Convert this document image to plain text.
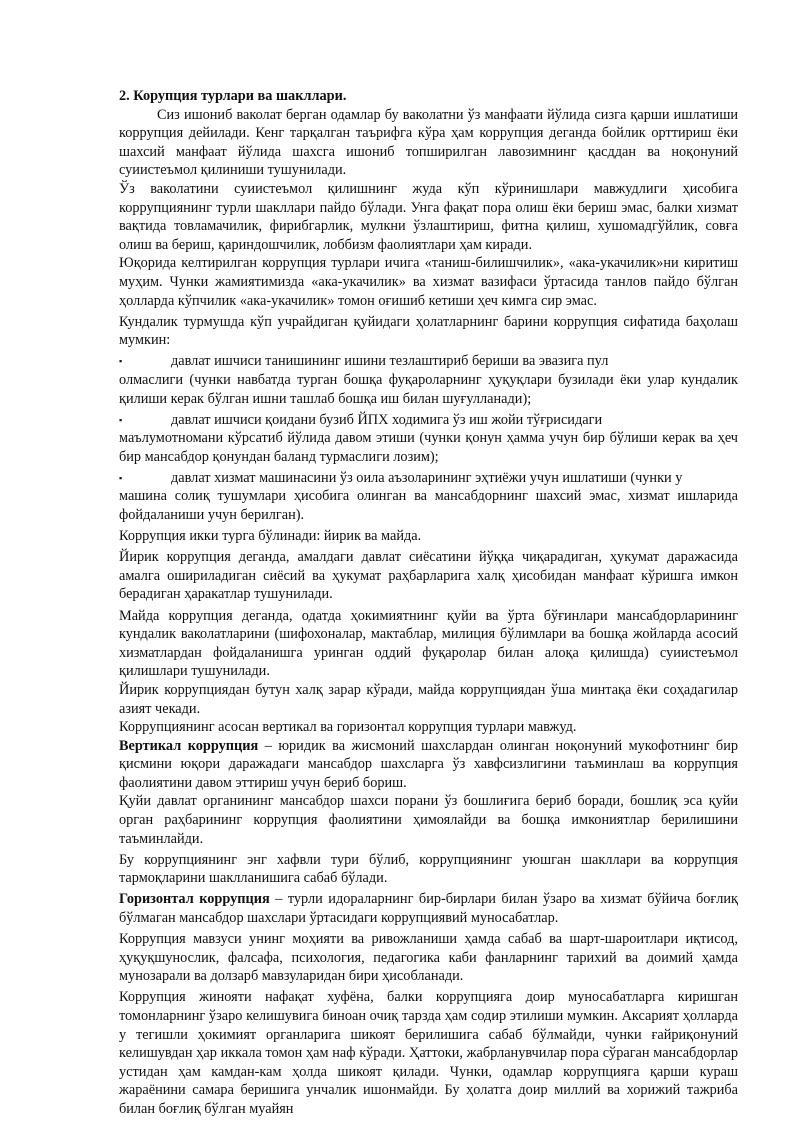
2. Корупция турлари ва шакллари.

Сиз ишониб ваколат берган одамлар бу ваколатни ўз манфаати йўлида сизга қарши ишлатиши коррупция дейилади. Кенг тарқалган таърифга кўра ҳам коррупция деганда бойлик орттириш ёки шахсий манфаат йўлида шахсга ишониб топширилган лавозимнинг қасддан ва ноқонуний суиистеъмол қилиниши тушунилади.

Ўз ваколатини суиистеъмол қилишнинг жуда кўп кўринишлари мавжудлиги ҳисобига коррупциянинг турли шакллари пайдо бўлади. Унга фақат пора олиш ёки бериш эмас, балки хизмат вақтида товламачилик, фирибгарлик, мулкни ўзлаштириш, фитна қилиш, хушомадгўйлик, совға олиш ва бериш, қариндошчилик, лоббизм фаолиятлари ҳам киради.

Юқорида келтирилган коррупция турлари ичига «таниш-билишчилик», «ака-укачилик»ни киритиш муҳим. Чунки жамиятимизда «ака-укачилик» ва хизмат вазифаси ўртасида танлов пайдо бўлган ҳолларда кўпчилик «ака-укачилик» томон оғишиб кетиши ҳеч кимга сир эмас.

Кундалик турмушда кўп учрайдиган қуйидаги ҳолатларнинг барини коррупция сифатида баҳолаш мумкин:

▪	давлат ишчиси танишининг ишини тезлаштириб бериши ва эвазига пул
олмаслиги (чунки навбатда турган бошқа фуқароларнинг ҳуқуқлари бузилади ёки улар кундалик қилиши керак бўлган ишни ташлаб бошқа иш билан шуғулланади);
▪	давлат ишчиси қоидани бузиб ЙПХ ходимига ўз иш жойи тўғрисидаги
маълумотномани кўрсатиб йўлида давом этиши (чунки қонун ҳамма учун бир бўлиши керак ва ҳеч бир мансабдор қонундан баланд турмаслиги лозим);
▪	давлат хизмат машинасини ўз оила аъзоларининг эҳтиёжи учун ишлатиши (чунки у
машина солиқ тушумлари ҳисобига олинган ва мансабдорнинг шахсий эмас, хизмат ишларида фойдаланиши учун берилган).

Коррупция икки турга бўлинади: йирик ва майда.

Йирик коррупция деганда, амалдаги давлат сиёсатини йўққа чиқарадиган, ҳукумат даражасида амалга ошириладиган сиёсий ва ҳукумат раҳбарларига халқ ҳисобидан манфаат кўришга имкон берадиган ҳаракатлар тушунилади.

Майда коррупция деганда, одатда ҳокимиятнинг қуйи ва ўрта бўғинлари мансабдорларининг кундалик ваколатларини (шифохоналар, мактаблар, милиция бўлимлари ва бошқа жойларда асосий хизматлардан фойдаланишга уринган оддий фуқаролар билан алоқа қилишда) суиистеъмол қилишлари тушунилади.

Йирик коррупциядан бутун халқ зарар кўради, майда коррупциядан ўша минтақа ёки соҳадагилар азият чекади.

Коррупциянинг асосан вертикал ва горизонтал коррупция турлари мавжуд.

Вертикал коррупция – юридик ва жисмоний шахслардан олинган ноқонуний мукофотнинг бир қисмини юқори даражадаги мансабдор шахсларга ўз хавфсизлигини таъминлаш ва коррупция фаолиятини давом эттириш учун бериб бориш.

Қуйи давлат органининг мансабдор шахси порани ўз бошлиғига бериб боради, бошлиқ эса қуйи орган раҳбарининг коррупция фаолиятини ҳимоялайди ва бошқа имкониятлар берилишини таъминлайди.

Бу коррупциянинг энг хафвли тури бўлиб, коррупциянинг уюшган шакллари ва коррупция тармоқларини шаклланишига сабаб бўлади.

Горизонтал коррупция – турли идораларнинг бир-бирлари билан ўзаро ва хизмат бўйича боғлиқ бўлмаган мансабдор шахслари ўртасидаги коррупциявий муносабатлар.

Коррупция мавзуси унинг моҳияти ва ривожланиши ҳамда сабаб ва шарт-шароитлари иқтисод, ҳуқуқшунослик, фалсафа, психология, педагогика каби фанларнинг тарихий ва доимий ҳамда мунозарали ва долзарб мавзуларидан бири ҳисобланади.

Коррупция жинояти нафақат хуфёна, балки коррупцияга доир муносабатларга киришган томонларнинг ўзаро келишувига бинoан очиқ тарзда ҳам содир этилиши мумкин. Аксарият ҳолларда у тегишли ҳокимият органларига шикоят берилишига сабаб бўлмайди, чунки ғайриқонуний келишувдан ҳар иккала томон ҳам наф кўради. Ҳаттоки, жабрланувчилар пора сўраган мансабдорлар устидан ҳам камдан-кам ҳолда шикоят қилади. Чунки, одамлар коррупцияга қарши кураш жараёнини самара беришига унчалик ишонмайди. Бу ҳолатга доир миллий ва хорижий тажриба билан боғлиқ бўлган муайян
